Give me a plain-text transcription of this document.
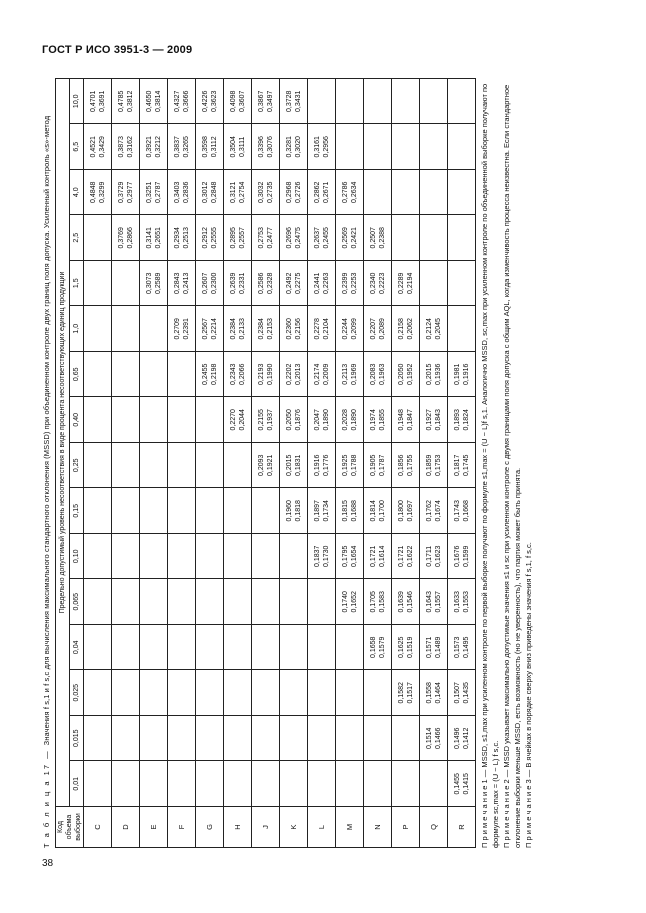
ГОСТ Р ИСО 3951-3 — 2009

Т а б л и ц а 17 — Значения f s,1 и f s,c для вычисления максимального стандартного отклонения (MSSD) при объединенном контроле двух границ поля допуска. Усиленный контроль «s»-метод

Код объема выборки	Предельно допустимый уровень несоответствия в виде процента несоответствующих единиц продукции															
	0,01	0,015	0,025	0,04	0,065	0,10	0,15	0,25	0,40	0,65	1,0	1,5	2,5	4,0	6,5	10,0
C														0,4848 0,3299	0,4521 0,3429	0,4701 0,3691

D													0,3769 0,2866	0,3729 0,2977	0,3873 0,3162	0,4785 0,3812

E												0,3073 0,2589	0,3141 0,2651	0,3251 0,2787	0,3921 0,3212	0,4650 0,3814

F											0,2709 0,2391	0,2843 0,2413	0,2934 0,2513	0,3403 0,2836	0,3837 0,3265	0,4327 0,3666

G										0,2455 0,2198	0,2567 0,2214	0,2607 0,2300	0,2912 0,2555	0,3012 0,2848	0,3598 0,3112	0,4226 0,3623

H									0,2270 0,2044	0,2343 0,2066	0,2384 0,2133	0,2639 0,2331	0,2895 0,2557	0,3121 0,2754	0,3504 0,3111	0,4098 0,3607

J								0,2093 0,1921	0,2155 0,1937	0,2193 0,1990	0,2384 0,2153	0,2586 0,2328	0,2753 0,2477	0,3032 0,2735	0,3396 0,3076	0,3867 0,3497

K							0,1960 0,1818	0,2015 0,1831	0,2050 0,1876	0,2202 0,2013	0,2360 0,2156	0,2492 0,2275	0,2696 0,2475	0,2968 0,2726	0,3281 0,3020	0,3728 0,3431

L						0,1837 0,1730	0,1897 0,1734	0,1916 0,1776	0,2047 0,1890	0,2174 0,2009	0,2278 0,2104	0,2441 0,2263	0,2637 0,2455	0,2862 0,2671	0,3161 0,2956	

M					0,1740 0,1652	0,1795 0,1654	0,1815 0,1688	0,1925 0,1788	0,2028 0,1890	0,2113 0,1969	0,2244 0,2099	0,2399 0,2253	0,2569 0,2421	0,2786 0,2634		

N				0,1658 0,1579	0,1705 0,1583	0,1721 0,1614	0,1814 0,1700	0,1905 0,1787	0,1974 0,1855	0,2083 0,1963	0,2207 0,2089	0,2340 0,2223	0,2507 0,2388			

P			0,1582 0,1517	0,1625 0,1519	0,1639 0,1546	0,1721 0,1622	0,1800 0,1697	0,1856 0,1755	0,1948 0,1847	0,2050 0,1952	0,2158 0,2062	0,2289 0,2194				

Q		0,1514 0,1466	0,1558 0,1464	0,1571 0,1489	0,1643 0,1557	0,1711 0,1623	0,1762 0,1674	0,1859 0,1753	0,1927 0,1843	0,2015 0,1936	0,2124 0,2045					

R	0,1455 0,1415	0,1496 0,1412	0,1507 0,1435	0,1573 0,1495	0,1633 0,1553	0,1676 0,1599	0,1743 0,1668	0,1817 0,1745	0,1893 0,1824	0,1981 0,1916						

	П р и м е ч а н и е 1 — MSSD, s1,max при усиленном контроле по первой выборке получают по формуле s1,max = (U − L)f s,1. Аналогично MSSD, sc,max при усиленном контроле по объединенной выборке получают по формуле sc,max = (U − L) f s,c. П р и м е ч а н и е 2 — MSSD указывает максимально допустимые значения s1 и sc при усиленном контроле с двумя границами поля допуска с общим AQL, когда изменчивость процесса неизвестна. Если стандартное отклонение выборки меньше MSSD, есть возможность (но не уверенность), что партия может быть принята. П р и м е ч а н и е 3 — В ячейках в порядке сверху вниз приведены значения f s,1, f s,c.

38
